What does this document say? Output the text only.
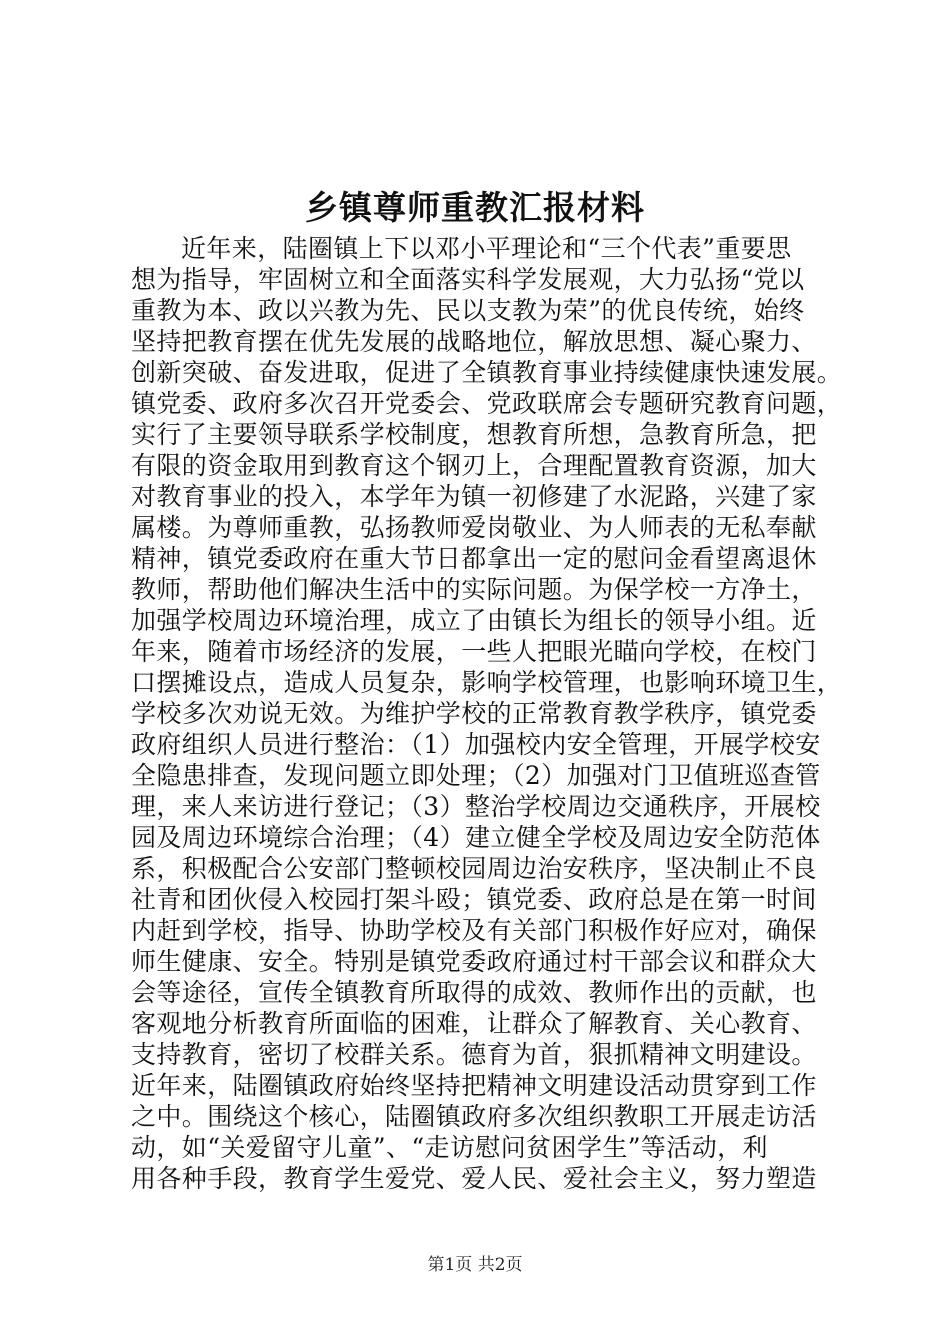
乡镇尊师重教汇报材料
近年来，陆圈镇上下以邓小平理论和“三个代表”重要思
想为指导，牢固树立和全面落实科学发展观，大力弘扬“党以
重教为本、政以兴教为先、民以支教为荣”的优良传统，始终
坚持把教育摆在优先发展的战略地位，解放思想、凝心聚力、
创新突破、奋发进取，促进了全镇教育事业持续健康快速发展。
镇党委、政府多次召开党委会、党政联席会专题研究教育问题，
实行了主要领导联系学校制度，想教育所想，急教育所急，把
有限的资金取用到教育这个钢刃上，合理配置教育资源，加大
对教育事业的投入，本学年为镇一初修建了水泥路，兴建了家
属楼。为尊师重教，弘扬教师爱岗敬业、为人师表的无私奉献
精神，镇党委政府在重大节日都拿出一定的慰问金看望离退休
教师，帮助他们解决生活中的实际问题。为保学校一方净土，
加强学校周边环境治理，成立了由镇长为组长的领导小组。近
年来，随着市场经济的发展，一些人把眼光瞄向学校，在校门
口摆摊设点，造成人员复杂，影响学校管理，也影响环境卫生，
学校多次劝说无效。为维护学校的正常教育教学秩序，镇党委
政府组织人员进行整治：（1）加强校内安全管理，开展学校安
全隐患排查，发现问题立即处理；（2）加强对门卫值班巡查管
理，来人来访进行登记；（3）整治学校周边交通秩序，开展校
园及周边环境综合治理；（4）建立健全学校及周边安全防范体
系，积极配合公安部门整顿校园周边治安秩序，坚决制止不良
社青和团伙侵入校园打架斗殴；镇党委、政府总是在第一时间
内赶到学校，指导、协助学校及有关部门积极作好应对，确保
师生健康、安全。特别是镇党委政府通过村干部会议和群众大
会等途径，宣传全镇教育所取得的成效、教师作出的贡献，也
客观地分析教育所面临的困难，让群众了解教育、关心教育、
支持教育，密切了校群关系。德育为首，狠抓精神文明建设。
近年来，陆圈镇政府始终坚持把精神文明建设活动贯穿到工作
之中。围绕这个核心，陆圈镇政府多次组织教职工开展走访活
动，如“关爱留守儿童”、“走访慰问贫困学生”等活动，利
用各种手段，教育学生爱党、爱人民、爱社会主义，努力塑造
第1页 共2页
